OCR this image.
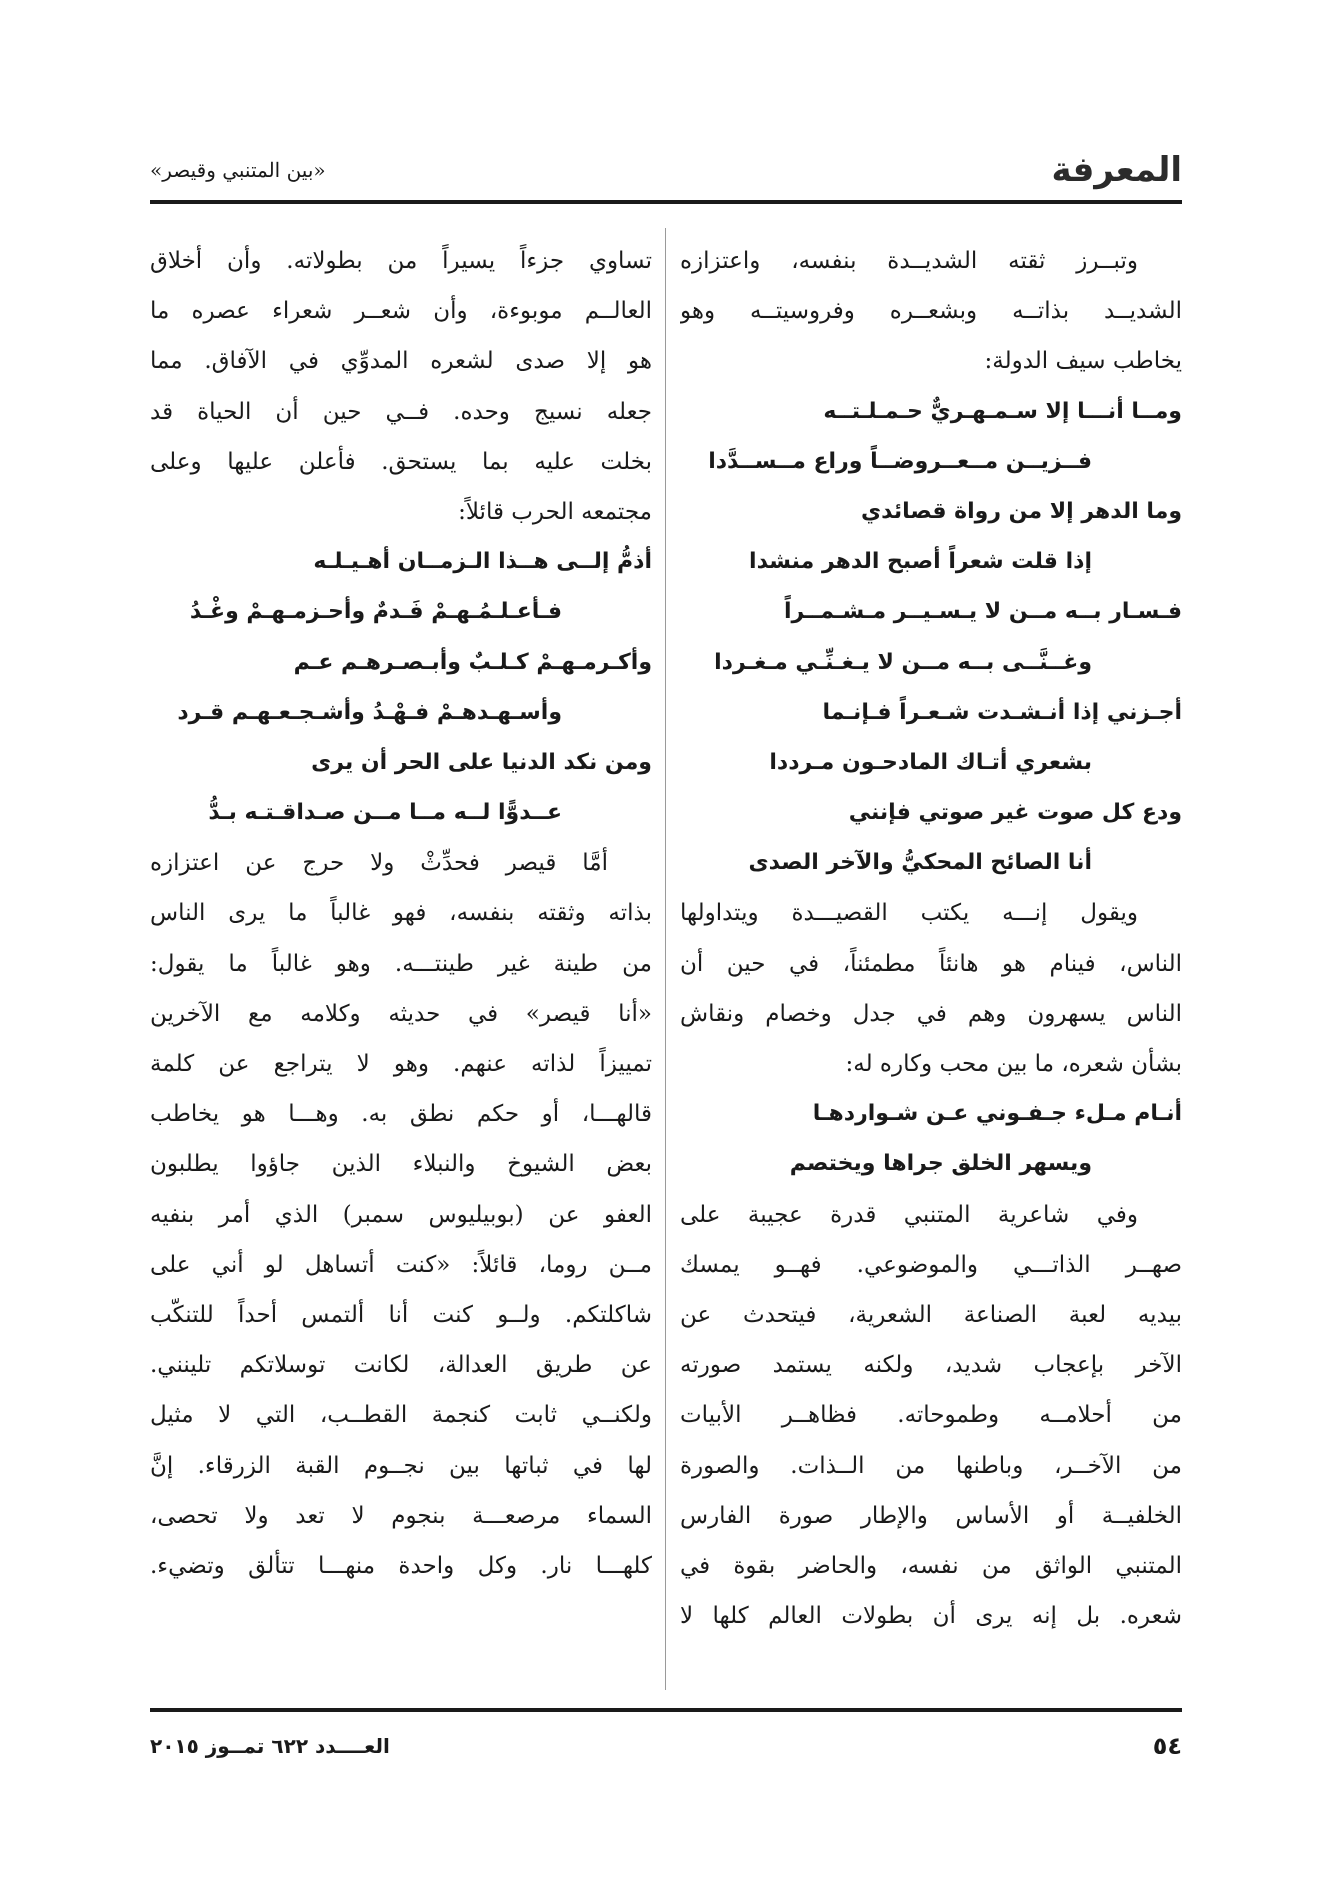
المعرفة
«بين المتنبي وقيصر»
وتبــرز ثقته الشديــدة بنفسه، واعتزازه
الشديــد بذاتــه وبشعــره وفروسيتــه وهو
يخاطب سيف الدولة:
ومــا أنـــا إلا سـمـهـريٌّ حـمـلـتــه
فــزيــن مــعــروضــاً وراع مــســدَّدا
وما الدهر إلا من رواة قصائدي
إذا قلت شعراً أصبح الدهر منشدا
فـسـار بــه مــن لا يـسـيــر مـشـمــراً
وغــنَّــى بــه مــن لا يـغـنِّـي مـغـردا
أجـزني إذا أنـشـدت شـعـراً فـإنـما
بشعري أتـاك المادحـون مـرددا
ودع كل صوت غير صوتي فإنني
أنا الصائح المحكيُّ والآخر الصدى
ويقول إنـــه يكتب القصيـــدة ويتداولها
الناس، فينام هو هانئاً مطمئناً، في حين أن
الناس يسهرون وهم في جدل وخصام ونقاش
بشأن شعره، ما بين محب وكاره له:
أنـام مـلء جـفـوني عـن شـواردهـا
ويسهر الخلق جراها ويختصم
وفي شاعرية المتنبي قدرة عجيبة على
صهــر الذاتـــي والموضوعي. فهــو يمسك
بيديه لعبة الصناعة الشعرية، فيتحدث عن
الآخر بإعجاب شديد، ولكنه يستمد صورته
من أحلامــه وطموحاته. فظاهــر الأبيات
من الآخــر، وباطنها من الــذات. والصورة
الخلفيــة أو الأساس والإطار صورة الفارس
المتنبي الواثق من نفسه، والحاضر بقوة في
شعره. بل إنه يرى أن بطولات العالم كلها لا
تساوي جزءاً يسيراً من بطولاته. وأن أخلاق
العالــم موبوءة، وأن شعــر شعراء عصره ما
هو إلا صدى لشعره المدوِّي في الآفاق. مما
جعله نسيج وحده. فــي حين أن الحياة قد
بخلت عليه بما يستحق. فأعلن عليها وعلى
مجتمعه الحرب قائلاً:
أذمُّ إلــى هــذا الـزمــان أهـيـلـه
فـأعـلـمُـهـمْ فَـدمٌ وأحـزمـهـمْ وغْـدُ
وأكـرمـهـمْ كـلـبٌ وأبـصـرهـم عـم
وأسـهـدهـمْ فـهْـدُ وأشـجـعـهـم قـرد
ومن نكد الدنيا على الحر أن يرى
عــدوًّا لــه مــا مــن صـداقـتـه بـدُّ
أمَّا قيصر فحدِّثْ ولا حرج عن اعتزازه
بذاته وثقته بنفسه، فهو غالباً ما يرى الناس
من طينة غير طينتـــه. وهو غالباً ما يقول:
«أنا قيصر» في حديثه وكلامه مع الآخرين
تمييزاً لذاته عنهم. وهو لا يتراجع عن كلمة
قالهـــا، أو حكم نطق به. وهـــا هو يخاطب
بعض الشيوخ والنبلاء الذين جاؤوا يطلبون
العفو عن (بوبيليوس سمبر) الذي أمر بنفيه
مــن روما، قائلاً: «كنت أتساهل لو أني على
شاكلتكم. ولــو كنت أنا ألتمس أحداً للتنكّب
عن طريق العدالة، لكانت توسلاتكم تلينني.
ولكنــي ثابت كنجمة القطــب، التي لا مثيل
لها في ثباتها بين نجــوم القبة الزرقاء. إنَّ
السماء مرصعـــة بنجوم لا تعد ولا تحصى،
كلهـــا نار. وكل واحدة منهـــا تتألق وتضيء.
٥٤
العــــدد ٦٢٢ تمــوز ٢٠١٥
